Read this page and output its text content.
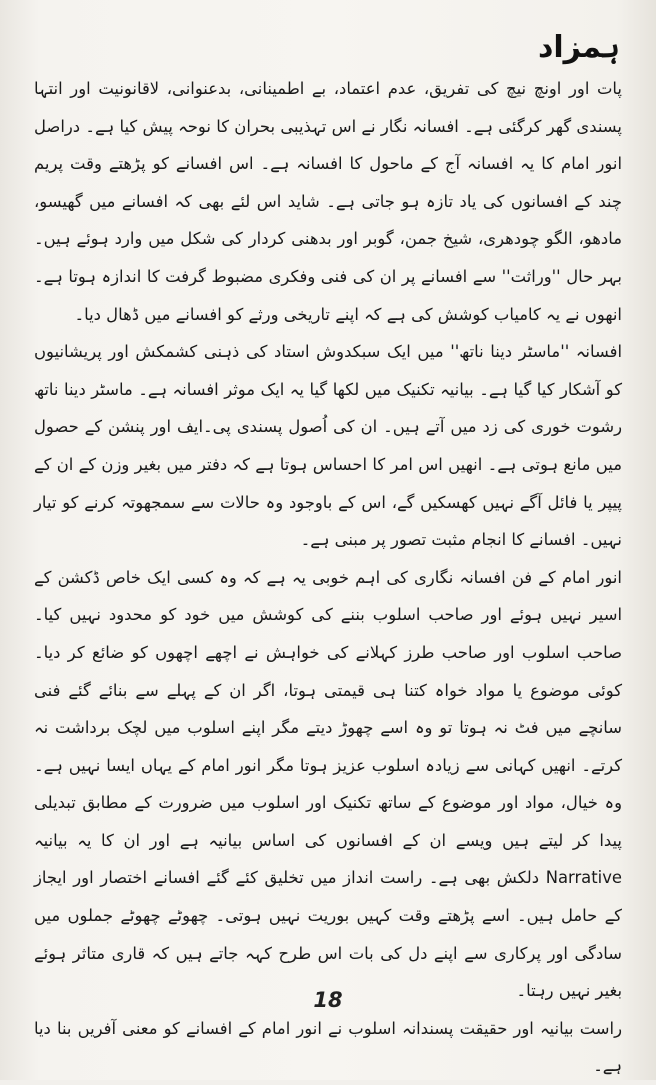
ہمزاد

پات اور اونچ نیچ کی تفریق، عدم اعتماد، بے اطمینانی، بدعنوانی، لاقانونیت اور انتہا پسندی گھر کرگئی ہے۔ افسانہ نگار نے اس تہذیبی بحران کا نوحہ پیش کیا ہے۔ دراصل انور امام کا یہ افسانہ آج کے ماحول کا افسانہ ہے۔ اس افسانے کو پڑھتے وقت پریم چند کے افسانوں کی یاد تازہ ہو جاتی ہے۔ شاید اس لئے بھی کہ افسانے میں گھیسو، مادھو، الگو چودھری، شیخ جمن، گوبر اور بدھنی کردار کی شکل میں وارد ہوئے ہیں۔ بہر حال ''وراثت'' سے افسانے پر ان کی فنی وفکری مضبوط گرفت کا اندازہ ہوتا ہے۔ انھوں نے یہ کامیاب کوشش کی ہے کہ اپنے تاریخی ورثے کو افسانے میں ڈھال دیا۔

افسانہ ''ماسٹر دینا ناتھ'' میں ایک سبکدوش استاد کی ذہنی کشمکش اور پریشانیوں کو آشکار کیا گیا ہے۔ بیانیہ تکنیک میں لکھا گیا یہ ایک موثر افسانہ ہے۔ ماسٹر دینا ناتھ رشوت خوری کی زد میں آتے ہیں۔ ان کی اُصول پسندی پی۔ایف اور پنشن کے حصول میں مانع ہوتی ہے۔ انھیں اس امر کا احساس ہوتا ہے کہ دفتر میں بغیر وزن کے ان کے پیپر یا فائل آگے نہیں کھسکیں گے، اس کے باوجود وہ حالات سے سمجھوتہ کرنے کو تیار نہیں۔ افسانے کا انجام مثبت تصور پر مبنی ہے۔

انور امام کے فن افسانہ نگاری کی اہم خوبی یہ ہے کہ وہ کسی ایک خاص ڈکشن کے اسیر نہیں ہوئے اور صاحب اسلوب بننے کی کوشش میں خود کو محدود نہیں کیا۔ صاحب اسلوب اور صاحب طرز کہلانے کی خواہش نے اچھے اچھوں کو ضائع کر دیا۔ کوئی موضوع یا مواد خواہ کتنا ہی قیمتی ہوتا، اگر ان کے پہلے سے بنائے گئے فنی سانچے میں فٹ نہ ہوتا تو وہ اسے چھوڑ دیتے مگر اپنے اسلوب میں لچک برداشت نہ کرتے۔ انھیں کہانی سے زیادہ اسلوب عزیز ہوتا مگر انور امام کے یہاں ایسا نہیں ہے۔ وہ خیال، مواد اور موضوع کے ساتھ تکنیک اور اسلوب میں ضرورت کے مطابق تبدیلی پیدا کر لیتے ہیں ویسے ان کے افسانوں کی اساس بیانیہ ہے اور ان کا یہ بیانیہ Narrative دلکش بھی ہے۔ راست انداز میں تخلیق کئے گئے افسانے اختصار اور ایجاز کے حامل ہیں۔ اسے پڑھتے وقت کہیں بوریت نہیں ہوتی۔ چھوٹے چھوٹے جملوں میں سادگی اور پرکاری سے اپنے دل کی بات اس طرح کہہ جاتے ہیں کہ قاری متاثر ہوئے بغیر نہیں رہتا۔

راست بیانیہ اور حقیقت پسندانہ اسلوب نے انور امام کے افسانے کو معنی آفریں بنا دیا ہے۔

18
